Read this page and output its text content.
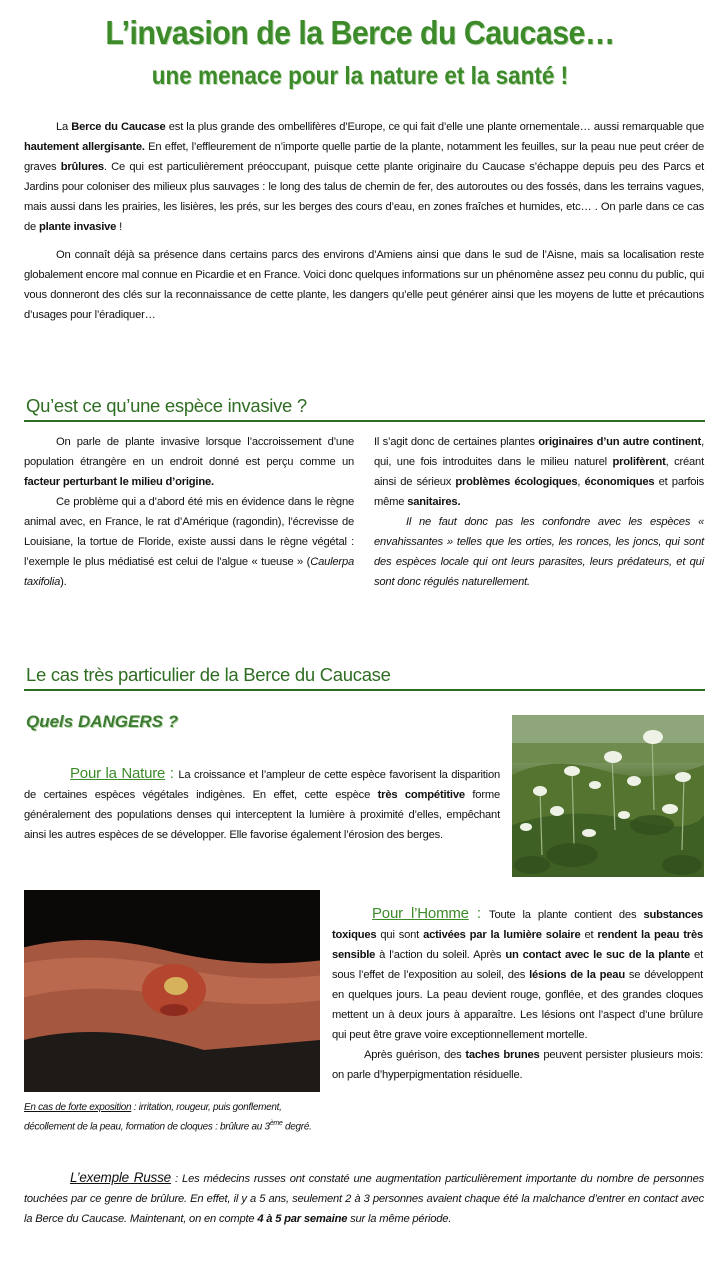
L’invasion de la Berce du Caucase…
une menace pour la nature et la santé !

La Berce du Caucase est la plus grande des ombellifères d’Europe, ce qui fait d’elle une plante ornementale… aussi remarquable que hautement allergisante. En effet, l’effleurement de n’importe quelle partie de la plante, notamment les feuilles, sur la peau nue peut créer de graves brûlures. Ce qui est particulièrement préoccupant, puisque cette plante originaire du Caucase s’échappe depuis peu des Parcs et Jardins pour coloniser des milieux plus sauvages : le long des talus de chemin de fer, des autoroutes ou des fossés, dans les terrains vagues, mais aussi dans les prairies, les lisières, les prés, sur les berges des cours d’eau, en zones fraîches et humides, etc… . On parle dans ce cas de plante invasive !

On connaît déjà sa présence dans certains parcs des environs d’Amiens ainsi que dans le sud de l’Aisne, mais sa localisation reste globalement encore mal connue en Picardie et en France. Voici donc quelques informations sur un phénomène assez peu connu du public, qui vous donneront des clés sur la reconnaissance de cette plante, les dangers qu’elle peut générer ainsi que les moyens de lutte et précautions d’usages pour l’éradiquer…

Qu’est ce qu’une espèce invasive ?

On parle de plante invasive lorsque l’accroissement d’une population étrangère en un endroit donné est perçu comme un facteur perturbant le milieu d’origine.

Ce problème qui a d’abord été mis en évidence dans le règne animal avec, en France, le rat d’Amérique (ragondin), l’écrevisse de Louisiane, la tortue de Floride, existe aussi dans le règne végétal : l’exemple le plus médiatisé est celui de l’algue « tueuse » (Caulerpa taxifolia).

Il s’agit donc de certaines plantes originaires d’un autre continent, qui, une fois introduites dans le milieu naturel prolifèrent, créant ainsi de sérieux problèmes écologiques, économiques et parfois même sanitaires.

Il ne faut donc pas les confondre avec les espèces « envahissantes » telles que les orties, les ronces, les joncs, qui sont des espèces locale qui ont leurs parasites, leurs prédateurs, et qui sont donc régulés naturellement.

Le cas très particulier de la Berce du Caucase
Quels DANGERS ?

Pour la Nature : La croissance et l’ampleur de cette espèce favorisent la disparition de certaines espèces végétales indigènes. En effet, cette espèce très compétitive forme généralement des populations denses qui interceptent la lumière à proximité d’elles, empêchant ainsi les autres espèces de se développer. Elle favorise également l’érosion des berges.

En cas de forte exposition : irritation, rougeur, puis gonflement, décollement de la peau, formation de cloques : brûlure au 3ème degré.

Pour l’Homme : Toute la plante contient des substances toxiques qui sont activées par la lumière solaire et rendent la peau très sensible à l’action du soleil. Après un contact avec le suc de la plante et sous l’effet de l’exposition au soleil, des lésions de la peau se développent en quelques jours. La peau devient rouge, gonflée, et des grandes cloques mettent un à deux jours à apparaître. Les lésions ont l’aspect d’une brûlure qui peut être grave voire exceptionnellement mortelle.

Après guérison, des taches brunes peuvent persister plusieurs mois: on parle d’hyperpigmentation résiduelle.

L’exemple Russe : Les médecins russes ont constaté une augmentation particulièrement importante du nombre de personnes touchées par ce genre de brûlure. En effet, il y a 5 ans, seulement 2 à 3 personnes avaient chaque été la malchance d’entrer en contact avec la Berce du Caucase. Maintenant, on en compte 4 à 5 par semaine sur la même période.
